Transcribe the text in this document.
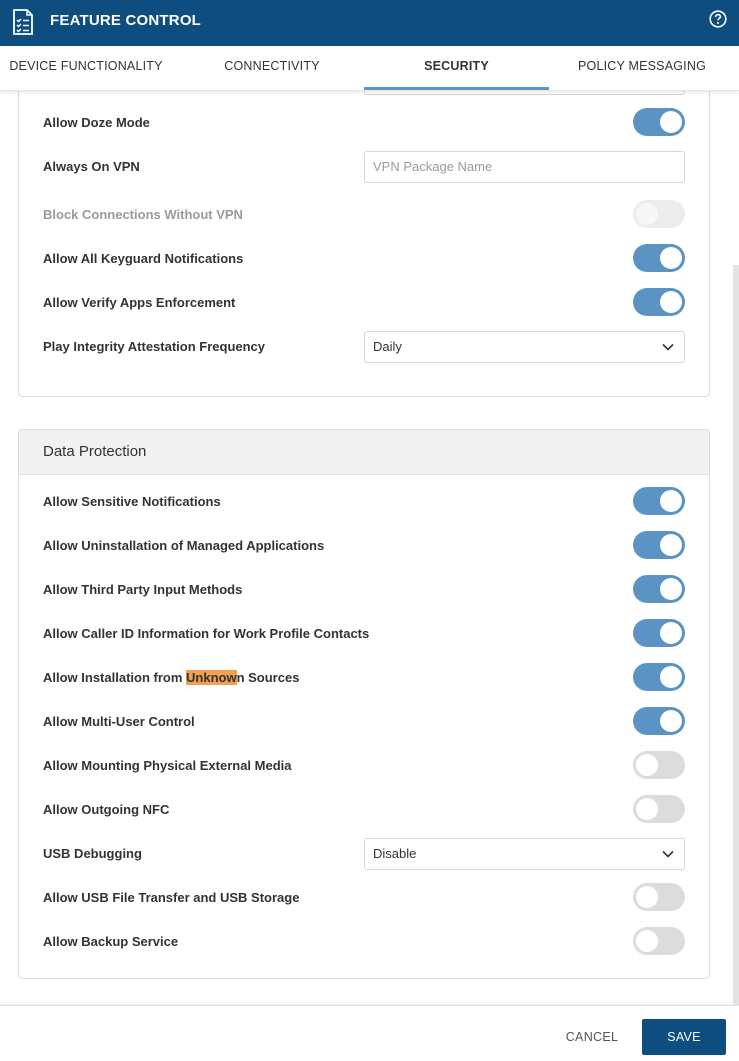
FEATURE CONTROL
DEVICE FUNCTIONALITY	CONNECTIVITY	SECURITY	POLICY MESSAGING
Allow Doze Mode
Always On VPN	VPN Package Name
Block Connections Without VPN
Allow All Keyguard Notifications
Allow Verify Apps Enforcement
Play Integrity Attestation Frequency	Daily
Data Protection
Allow Sensitive Notifications
Allow Uninstallation of Managed Applications
Allow Third Party Input Methods
Allow Caller ID Information for Work Profile Contacts
Allow Installation from Unknown Sources
Allow Multi-User Control
Allow Mounting Physical External Media
Allow Outgoing NFC
USB Debugging	Disable
Allow USB File Transfer and USB Storage
Allow Backup Service
CANCEL	SAVE
